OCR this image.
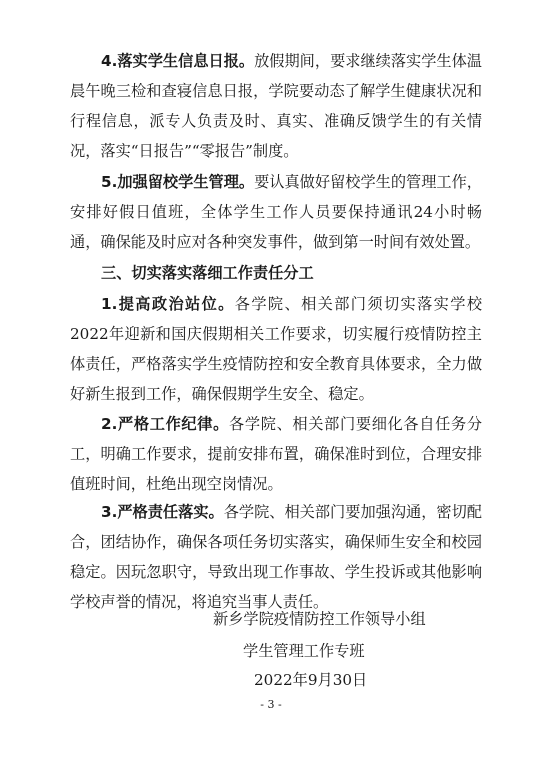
4.落实学生信息日报。放假期间，要求继续落实学生体温晨午晚三检和查寝信息日报，学院要动态了解学生健康状况和行程信息，派专人负责及时、真实、准确反馈学生的有关情况，落实“日报告”“零报告”制度。

5.加强留校学生管理。要认真做好留校学生的管理工作，安排好假日值班，全体学生工作人员要保持通讯24小时畅通，确保能及时应对各种突发事件，做到第一时间有效处置。

三、切实落实落细工作责任分工

1.提高政治站位。各学院、相关部门须切实落实学校2022年迎新和国庆假期相关工作要求，切实履行疫情防控主体责任，严格落实学生疫情防控和安全教育具体要求，全力做好新生报到工作，确保假期学生安全、稳定。

2.严格工作纪律。各学院、相关部门要细化各自任务分工，明确工作要求，提前安排布置，确保准时到位，合理安排值班时间，杜绝出现空岗情况。

3.严格责任落实。各学院、相关部门要加强沟通，密切配合，团结协作，确保各项任务切实落实，确保师生安全和校园稳定。因玩忽职守，导致出现工作事故、学生投诉或其他影响学校声誉的情况，将追究当事人责任。

新乡学院疫情防控工作领导小组
学生管理工作专班
2022年9月30日
- 3 -
